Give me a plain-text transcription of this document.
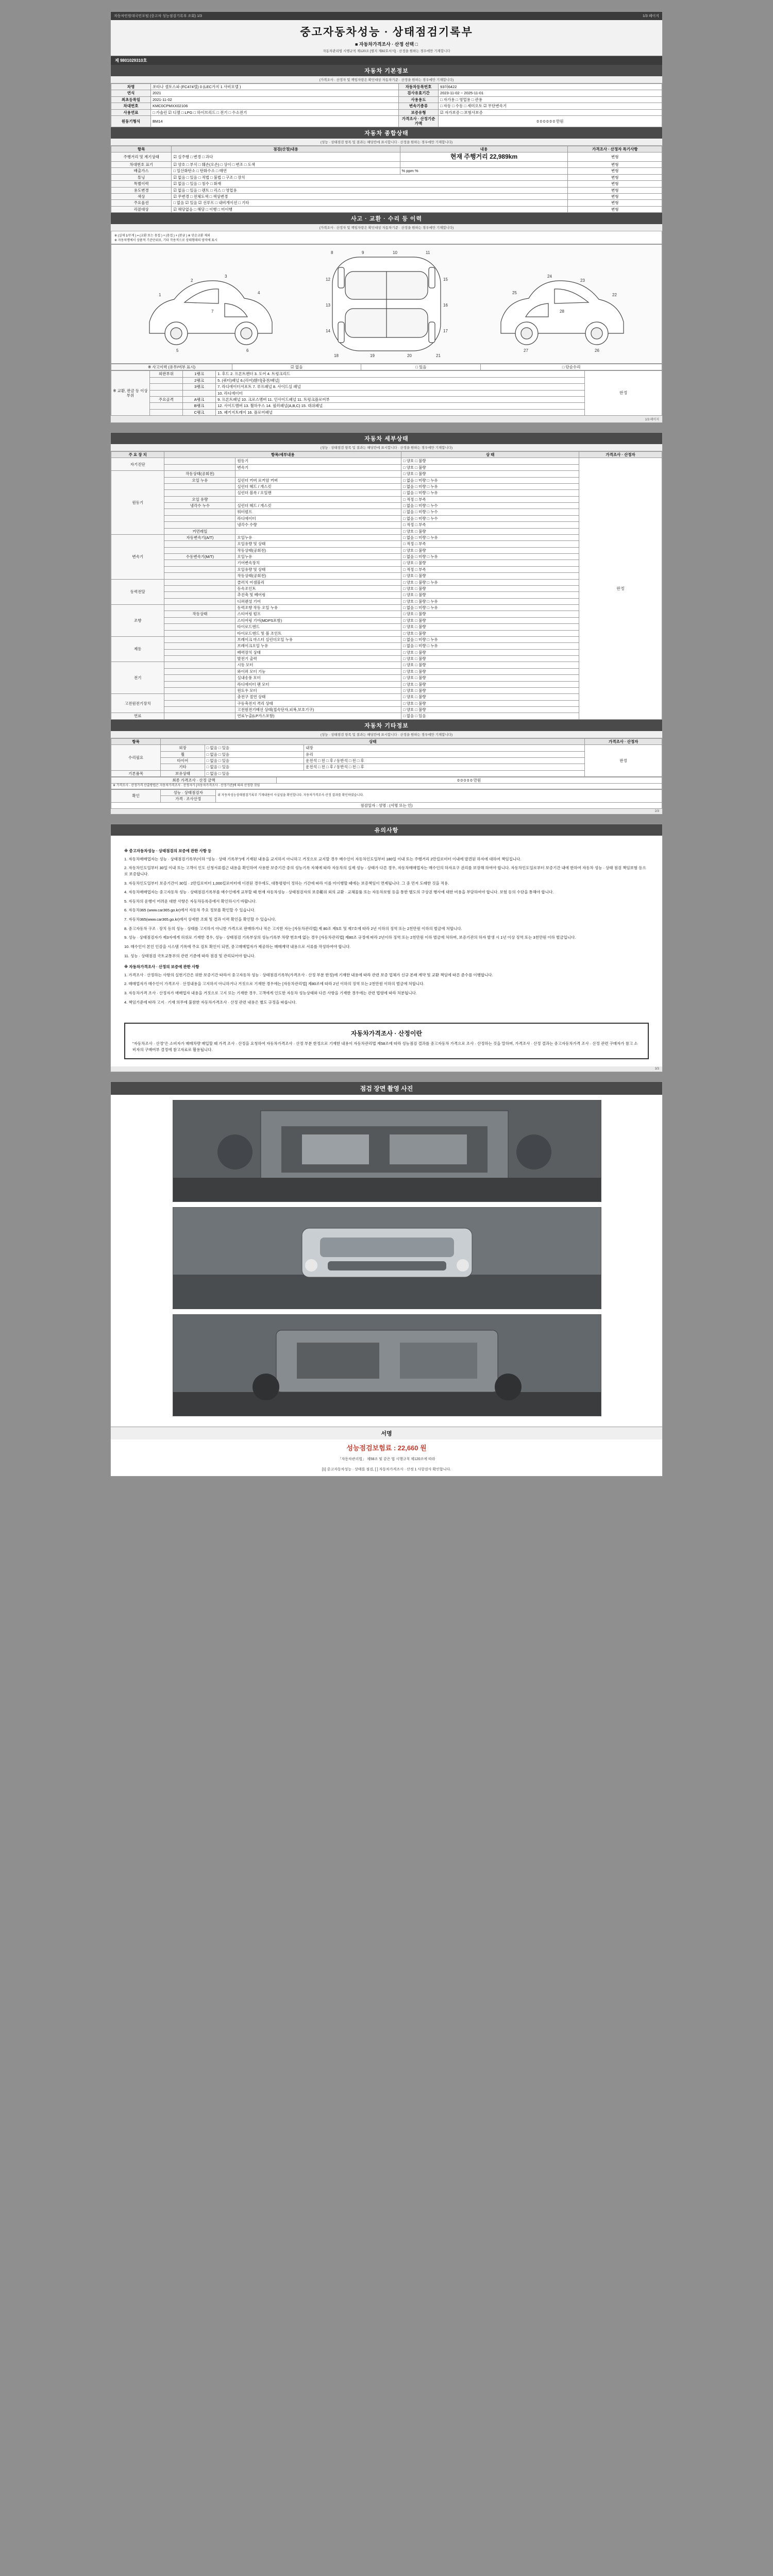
자동차민원대국민포털 (중고차 성능점검기록부 조회) 1/3	1/3 페이지
중고자동차성능 · 상태점검기록부
■ 자동차가격조사 · 산정 선택 □
자동차관리법 시행규칙 제120조 [별지 제82호서식] · 산정을 원하는 경우에만 기재합니다
제 9801029310호
자동차 기본정보
(가격조사 · 산정자 및 책임자랑은 확인대상 자동차기준 · 산정을 원하는 경우에만 기재합니다)
차명	쏘타나 셀토스파 (FC474텔) 0 (LEC가지 1 사비모델 )	자동차등록번호	93허6422
연식	2021	검사유효기간	2023-11-02 ~ 2025-11-01
최초등록일	2021-11-02	사용용도	□ 자가용 □ 영업용 □ 관용
차대번호	KMC0CPMXX02106	변속기종류	□ 자동 □ 수동 □ 세미오토 ☑ 무단변속기
사용연료	□ 가솔린 ☑ 디젤 □ LPG □ 하이브리드 □ 전기 □ 수소전기	보증유형	☑ 자가보증 □ 보험사보증
원동기형식	BM14	가격조사 · 산정기준가액	0 0 0 0 0 0 만원
자동차 종합상태
(성능 · 상태점검 항목 및 결과는 해당칸에 표시합니다 · 산정을 원하는 경우에만 기재합니다)
항목	점검(산정)내용	내용	가격조사 · 산정자 특기사항
주행거리 및 계기상태	☑ 실주행 □ 변경 □ 과다	현재 주행거리 22,989km	변형
차대번호 표기	☑ 양호 □ 부식 □ 훼손(오손) □ 상이 □ 변조 □ 도색		변형
배출가스	□ 일산화탄소 □ 탄화수소 □ 매연	% ppm %	변형
튜닝	☑ 없음 □ 있음 □ 적법 □ 불법 □ 구조 □ 장치		변형
특별이력	☑ 없음 □ 있음 □ 침수 □ 화재		변형
용도변경	☑ 없음 □ 있음 □ 렌트 □ 리스 □ 영업용		변형
색상	☑ 무변경 □ 전체도색 □ 색상변경		변형
주요옵션	□ 없음 ☑ 있음 ☑ 선루프 □ 내비게이션 □ 기타		변형
리콜대상	☑ 해당없음 □ 해당 □ 이행 □ 미이행		변형
사고 · 교환 · 수리 등 이력
(가격조사 · 산정자 및 책임자랑은 확인대상 자동차기준 · 산정을 원하는 경우에만 기재합니다)
※ (실제 1/무게 ) = (교환 또는 용접 ) + (용접 ) + (판금 ) ※ 단순교환 제외
※ 자동차명에서 상품적 기준단위로, 기타 작용적으로 상태형태의 영역에 표시
1
2
3
4
5	6
7
8	9	10	11
12
13
14
15
16
17
18	19	20	21
22
23
24
25
26
27
28
※ 사고이력 (유무/여부 표시)	☑ 없음	□ 있음	□ 단순수리
※ 교환, 판금 등 이상부위	외판부위	1랭크	1. 후드 2. 프론트펜더 3. 도어 4. 트렁크리드	판정
		2랭크	5. (쿼터)패널 6.(리어)휀더[충전/패널]	
		3랭크	7. 라디에이터서포트 7. 루프패널 8. 사이드실 패널	
			10. 라디에이터	
	주요골격	A랭크	9. 프론트패널 10. 크로스멤버 11. 인사이드패널 11. 트렁크플로어부	
		B랭크	12. 사이드멤버 13. 휠하우스 14. 필러패널(A,B,C) 15. 대쉬패널	
		C랭크	15. 패키지트레이 16. 플로어패널	
1/3 페이지
자동차 세부상태
(성능 · 상태점검 항목 및 결과는 해당칸에 표시합니다 · 산정을 원하는 경우에만 기재합니다)
주 요 장 치	항목/세부내용		상 태	가격조사 · 산정자
자기진단		원동기	□ 양호 □ 불량	판정
		변속기	□ 양호 □ 불량	
원동기	작동상태(공회전)		□ 양호 □ 불량	
	오일 누유	실린더 커버 로커암 커버	□ 없음 □ 미량 □ 누유	
		실린더 헤드 / 개스킷	□ 없음 □ 미량 □ 누유	
		실린더 블록 / 오일팬	□ 없음 □ 미량 □ 누유	
	오일 유량		□ 적정 □ 부족	
	냉각수 누수	실린더 헤드 / 개스킷	□ 없음 □ 미량 □ 누수	
		워터펌프	□ 없음 □ 미량 □ 누수	
		라디에이터	□ 없음 □ 미량 □ 누수	
		냉각수 수량	□ 적정 □ 부족	
	커먼레일		□ 양호 □ 불량	
변속기	자동변속기(A/T)	오일누유	□ 없음 □ 미량 □ 누유	
		오일유량 및 상태	□ 적정 □ 부족	
		작동상태(공회전)	□ 양호 □ 불량	
	수동변속기(M/T)	오일누유	□ 없음 □ 미량 □ 누유	
		기어변속장치	□ 양호 □ 불량	
		오일유량 및 상태	□ 적정 □ 부족	
		작동상태(공회전)	□ 양호 □ 불량	
동력전달		클러치 어셈블리	□ 양호 □ 불량 □ 누유	
		등속조인트	□ 양호 □ 불량	
		추진축 및 베어링	□ 양호 □ 불량	
		디퍼렌셜 기어	□ 양호 □ 불량 □ 누유	
조향		동력조향 작동 오일 누유	□ 없음 □ 미량 □ 누유	
	작동상태	스티어링 펌프	□ 양호 □ 불량	
		스티어링 기어(MDPS포함)	□ 양호 □ 불량	
		타이로드엔드	□ 양호 □ 불량	
		타이로드엔드 및 볼 조인트	□ 양호 □ 불량	
제동		브레이크 마스터 실린더오일 누유	□ 없음 □ 미량 □ 누유	
		브레이크오일 누유	□ 없음 □ 미량 □ 누유	
		배력장치 상태	□ 양호 □ 불량	
		발전기 출력	□ 양호 □ 불량	
전기		시동 모터	□ 양호 □ 불량	
		와이퍼 모터 기능	□ 양호 □ 불량	
		실내송풍 모터	□ 양호 □ 불량	
		라디에이터 팬 모터	□ 양호 □ 불량	
		윈도우 모터	□ 양호 □ 불량	
고전원전기장치		충전구 절연 상태	□ 양호 □ 불량	
		구동축전지 격리 상태	□ 양호 □ 불량	
		고전원전기배선 상태(접속단자,피복,보호기구)	□ 양호 □ 불량	
연료		연료누출(LP가스포함)	□ 없음 □ 있음	
자동차 기타정보
(성능 · 상태점검 항목 및 결과는 해당칸에 표시합니다 · 산정을 원하는 경우에만 기재합니다)
항목	상태			가격조사 · 산정자
수리필요	외장	□ 없음 □ 있음	내장	판정
	휠	□ 없음 □ 있음	유리	
	타이어	□ 없음 □ 있음	운전석 □ 전 □ 후 / 동반석 □ 전 □ 후	
	기타	□ 없음 □ 있음	운전석 □ 전 □ 후 / 동반석 □ 전 □ 후	
기본품목	보유상태	□ 없음 □ 있음		
최종 가격조사 · 산정 금액	0 0 0 0 0 만원
※ 가격조사 · 산정가격 산출방법은 자동차가격조사 · 산정자가 [자동차가격조사 · 산정기준]에 따라 산정한 것임
확인	성능 · 상태점검자	위 자동차성능상태점검기록부 기재내용이 사실임을 확인합니다. 자동차가격조사·산정 결과를 확인하였습니다.
가격 · 조사산정
점검일자 : 성명 : (서명 또는 인)
2/3
유의사항
※ 중고자동차성능 · 상태점검의 보증에 관한 사항 등

1. 자동차매매업자는 성능 · 상태점검기록부(이하 "성능 · 상태 기록부")에 기재된 내용을 교지하지 아니하고 거짓으로 교지할 경우 매수인이 자동차인도일부터 180일 이내 또는 주행거리 2만킬로미터 이내에 발견된 하자에 대하여 책임집니다.

2. 자동차인도일부터 30일 이내 또는 고객이 인도 신청서류접근 내용을 확인하여 사용한 보증기간 중의 성능기록 자체에 따라 자동차의 실제 성능 · 상태가 다른 경우, 자동차매매업자는 매수인의 하자요구 권리를 보장해 하여야 합니다. 자동차인도일로부터 보증기간 내에 한하여 자동차 성능 · 상태 점검 책임보험 등으로 보증합니다.

3. 자동차인도일부터 보증기간이 30일 · 2만킬로미터 1,000킬로미터에 이전된 경우에도, 대통령령이 정하는 기간에 따라 이를 미이행할 때에는 보증책임이 면제됩니다. 그 중 먼저 도래한 것을 적용.

4. 자동차매매업자는 중고자동차 성능 · 상태점검기록부를 매수인에게 교부할 때 현재 자동차성능 · 상태점검자의 보증範위 외의 교환 · 교체물품 또는 자동차보험 등을 통한 별도의 구상권 행사에 대한 비용을 부담하여야 합니다. 보험 등의 수단을 통해야 합니다.

5. 자동차의 운행이 어려운 대한 사항은 자동차등록증에서 확인하시기 바랍니다.

6. 자동차365 (www.car365.go.kr)에서 자동차 주요 정보를 확인할 수 있습니다.

7. 자동차365(www.car365.go.kr)에서 상세한 조회 및 결과 이력 확인을 확인할 수 있습니다.

8. 중고자동차 구조 · 장치 등의 성능 · 상태를 고지하지 아니한 가격으로 판매하거나 적은 고지한 자는 [자동차관리법] 제 80조 제5호 및 제7호에 따라 2년 이하의 징역 또는 2천만원 이하의 벌금에 처합니다.

9. 성능 · 상태점검자가 제3자에게 허위로 기재한 경우, 성능 · 상태점검 기록부상의 성능기록부 차량 번호에 없는 경우 [자동차관리법] 제80조 규정에 따라 2년이하 징역 또는 2천만원 이하 벌금에 처하며, 보증기관의 하자 발생 시 1년 이상 징역 또는 3천만원 이하 벌금입니다.

10. 매수인이 본인 인감을 시스템 기록에 주요 검토 확인이 되면, 중고매매업자가 제공하는 매매계약 내용으로 서류를 작성하여야 합니다.

11. 성능 · 상태점검 국토교통부의 관련 기준에 따라 점검 및 관리되어야 합니다.

※ 자동차가격조사 · 산정의 보증에 관한 사항

1. 가격조사 · 산정하는 사항의 실현기간은 위한 보증기간 따라서 중고자동차 성능 · 상태점검기록부(가격조사 · 산정 부분 한정)에 기재한 내용에 따라 관련 보증 업체가 신규 본래 계약 및 교환 책임에 따른 준수를 이행합니다.

2. 매매업자가 매수인이 가격조사 · 산정내용을 고지하지 아니하거나 거짓으로 기재한 경우에는 [자동차관리법] 제80조에 따라 2년 이하의 징역 또는 2천만원 이하의 벌금에 처합니다.

3. 자동차가격 조사 · 산정자가 매매업자 내용을 거짓으로 고지 또는 기재한 경우, 고객에게 인도한 자동차 성능상태와 다른 사항을 기재한 경우에는 관련 법령에 따라 처분됩니다.

4. 책임기준에 따라 고지 · 기재 의무에 불참한 자동차가격조사 · 산정 관련 내용은 별도 규정을 따릅니다.

자동차가격조사 · 산정이란
"자동차조사 · 산정"은 소비자가 매매차량 매입할 때 가격 조사 · 산정을 요청하여 자동차가격조사 · 산정 부분 한정으로 기재한 내용이 자동차관리법 제58조에 따라 성능점검 결과를 중고자동차 가격으로 조사 · 산정하는 것을 말하며, 가격조사 · 산정 결과는 중고자동차가격 조사 · 산정 관련 구매자가 참고 소비자의 구매여부 결정에 참고자료로 활용됩니다.
3/3
점검 장면 촬영 사진
서명
성능점검보험료 : 22,660 원
「자동차관리법」 제58조 및 같은 법 시행규칙 제120조에 따라
[1] 중고자동차성능 · 상태를 점검, [ ] 자동차가격조사 · 산정 1 사항검사 확인합니다.
